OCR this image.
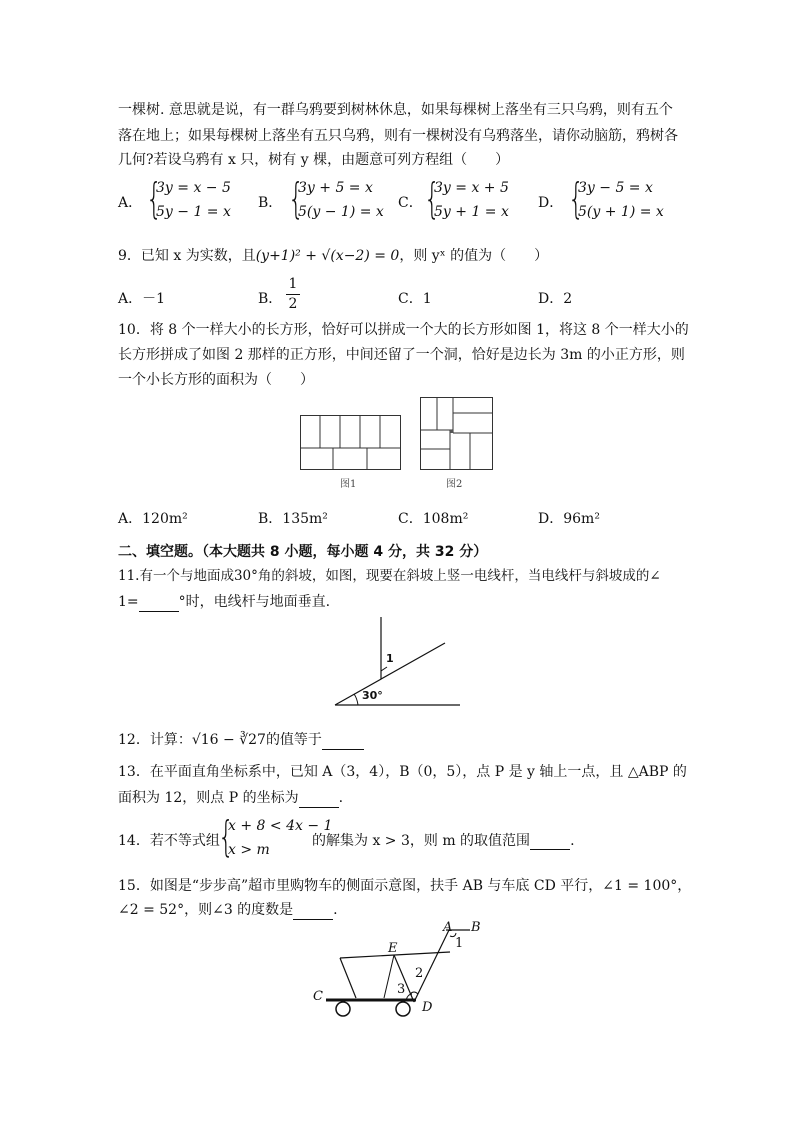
一棵树. 意思就是说，有一群乌鸦要到树林休息，如果每棵树上落坐有三只乌鸦，则有五个
落在地上；如果每棵树上落坐有五只乌鸦，则有一棵树没有乌鸦落坐，请你动脑筋，鸦树各
几何?若设乌鸦有 x 只，树有 y 棵，由题意可列方程组（　　）
A． {
3y = x − 5
5y − 1 = x
B． {
3y + 5 = x
5(y − 1) = x
C． {
3y = x + 5
5y + 1 = x
D． {
3y − 5 = x
5(y + 1) = x
9．已知 x 为实数，且(y+1)² + √(x−2) = 0，则 yˣ 的值为（　　）
A．－1	B．
1
2	C．1	D．2
10．将 8 个一样大小的长方形，恰好可以拼成一个大的长方形如图 1，将这 8 个一样大小的
长方形拼成了如图 2 那样的正方形，中间还留了一个洞，恰好是边长为 3m 的小正方形，则
一个小长方形的面积为（　　）
图1	图2
A．120m²	B．135m²	C．108m²	D．96m²
二、填空题。（本大题共 8 小题，每小题 4 分，共 32 分）
11.有一个与地面成30°角的斜坡，如图，现要在斜坡上竖一电线杆，当电线杆与斜坡成的∠
1=	°时，电线杆与地面垂直.
1
30°
12．计算：√16 − ∛27的值等于
13．在平面直角坐标系中，已知 A（3，4），B（0，5），点 P 是 y 轴上一点，且 △ABP 的
面积为 12，则点 P 的坐标为	.
14．若不等式组
{
x + 8 < 4x − 1
x > m
的解集为 x > 3，则 m 的取值范围	.
15．如图是“步步高”超市里购物车的侧面示意图，扶手 AB 与车底 CD 平行，∠1 = 100°，
∠2 = 52°，则∠3 的度数是	.
A B
E	1
2
3
C
D
